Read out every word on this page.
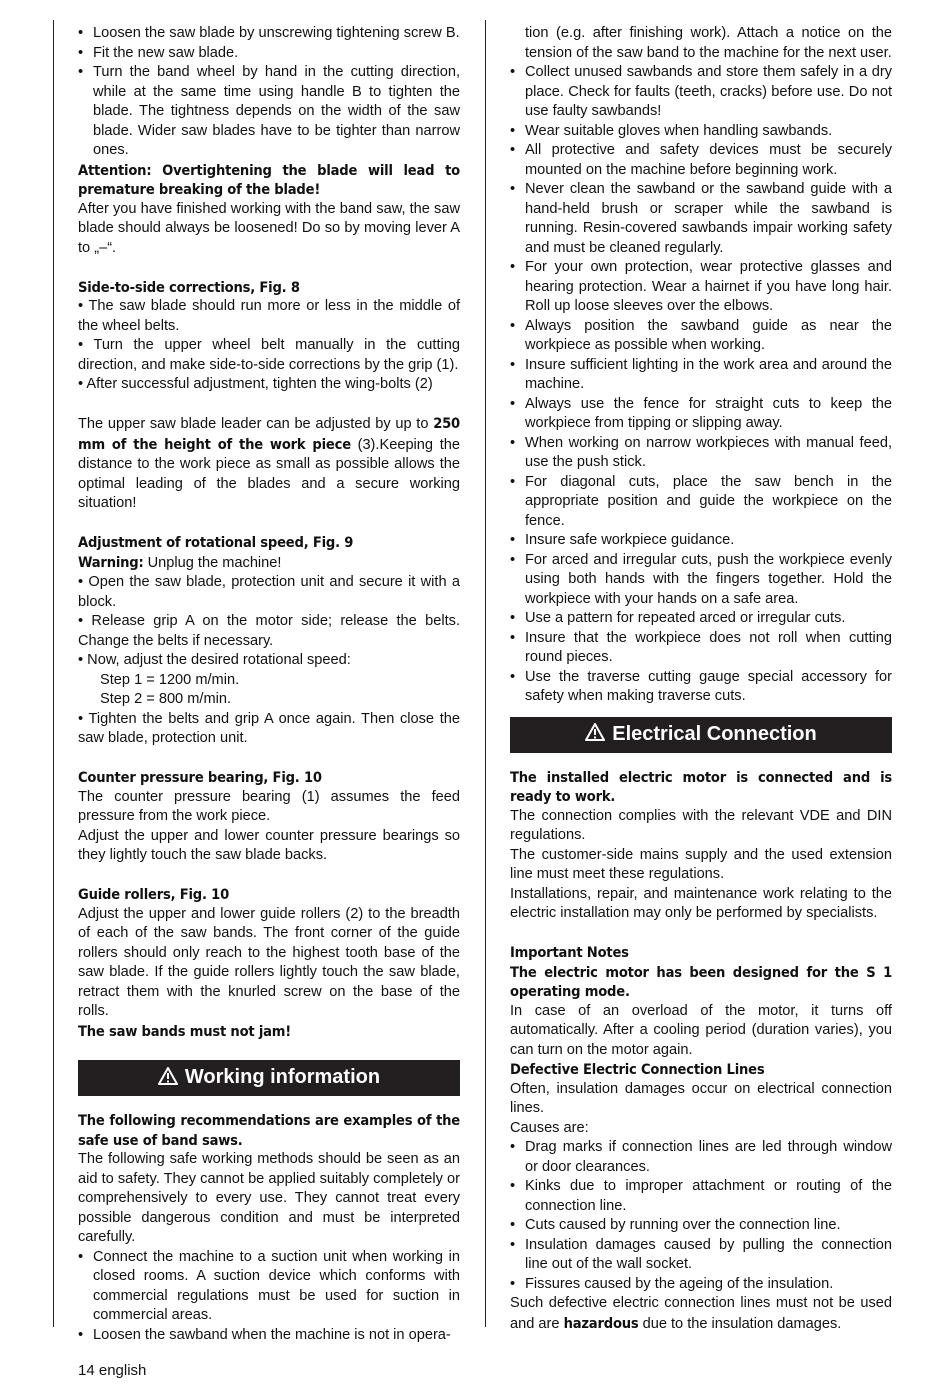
• Loosen the saw blade by unscrewing tightening screw B.
• Fit the new saw blade.
• Turn the band wheel by hand in the cutting direction, while at the same time using handle B to tighten the blade. The tightness depends on the width of the saw blade. Wider saw blades have to be tighter than narrow ones.

Attention: Overtightening the blade will lead to premature breaking of the blade!

After you have finished working with the band saw, the saw blade should always be loosened! Do so by moving lever A to „–“.

Side-to-side corrections, Fig. 8

• The saw blade should run more or less in the middle of the wheel belts.

• Turn the upper wheel belt manually in the cutting direction, and make side-to-side corrections by the grip (1).

• After successful adjustment, tighten the wing-bolts (2)

The upper saw blade leader can be adjusted by up to 250 mm of the height of the work piece (3).Keeping the distance to the work piece as small as possible allows the optimal leading of the blades and a secure working situation!

Adjustment of rotational speed, Fig. 9

Warning: Unplug the machine!

• Open the saw blade, protection unit and secure it with a block.

• Release grip A on the motor side; release the belts. Change the belts if necessary.

• Now, adjust the desired rotational speed:

Step 1 = 1200 m/min.

Step 2 = 800 m/min.

• Tighten the belts and grip A once again. Then close the saw blade, protection unit.

Counter pressure bearing, Fig. 10

The counter pressure bearing (1) assumes the feed pressure from the work piece.

Adjust the upper and lower counter pressure bearings so they lightly touch the saw blade backs.

Guide rollers, Fig. 10

Adjust the upper and lower guide rollers (2) to the breadth of each of the saw bands. The front corner of the guide rollers should only reach to the highest tooth base of the saw blade. If the guide rollers lightly touch the saw blade, retract them with the knurled screw on the base of the rolls.

The saw bands must not jam!

Working information

The following recommendations are examples of the safe use of band saws.

The following safe working methods should be seen as an aid to safety. They cannot be applied suitably completely or comprehensively to every use. They cannot treat every possible dangerous condition and must be interpreted carefully.

• Connect the machine to a suction unit when working in closed rooms. A suction device which conforms with commercial regulations must be used for suction in commercial areas.
• Loosen the sawband when the machine is not in opera-

tion (e.g. after finishing work). Attach a notice on the tension of the saw band to the machine for the next user.

• Collect unused sawbands and store them safely in a dry place. Check for faults (teeth, cracks) before use. Do not use faulty sawbands!
• Wear suitable gloves when handling sawbands.
• All protective and safety devices must be securely mounted on the machine before beginning work.
• Never clean the sawband or the sawband guide with a hand-held brush or scraper while the sawband is running. Resin-covered sawbands impair working safety and must be cleaned regularly.
• For your own protection, wear protective glasses and hearing protection. Wear a hairnet if you have long hair. Roll up loose sleeves over the elbows.
• Always position the sawband guide as near the workpiece as possible when working.
• Insure sufficient lighting in the work area and around the machine.
• Always use the fence for straight cuts to keep the workpiece from tipping or slipping away.
• When working on narrow workpieces with manual feed, use the push stick.
• For diagonal cuts, place the saw bench in the appropriate position and guide the workpiece on the fence.
• Insure safe workpiece guidance.
• For arced and irregular cuts, push the workpiece evenly using both hands with the fingers together. Hold the workpiece with your hands on a safe area.
• Use a pattern for repeated arced or irregular cuts.
• Insure that the workpiece does not roll when cutting round pieces.
• Use the traverse cutting gauge special accessory for safety when making traverse cuts.
Electrical Connection

The installed electric motor is connected and is ready to work.

The connection complies with the relevant VDE and DIN regulations.

The customer-side mains supply and the used extension line must meet these regulations.

Installations, repair, and maintenance work relating to the electric installation may only be performed by specialists.

Important Notes

The electric motor has been designed for the S 1 operating mode.

In case of an overload of the motor, it turns off automatically. After a cooling period (duration varies), you can turn on the motor again.

Defective Electric Connection Lines

Often, insulation damages occur on electrical connection lines.

Causes are:

• Drag marks if connection lines are led through window or door clearances.
• Kinks due to improper attachment or routing of the connection line.
• Cuts caused by running over the connection line.
• Insulation damages caused by pulling the connection line out of the wall socket.
• Fissures caused by the ageing of the insulation.

Such defective electric connection lines must not be used and are hazardous due to the insulation damages.

14 english
